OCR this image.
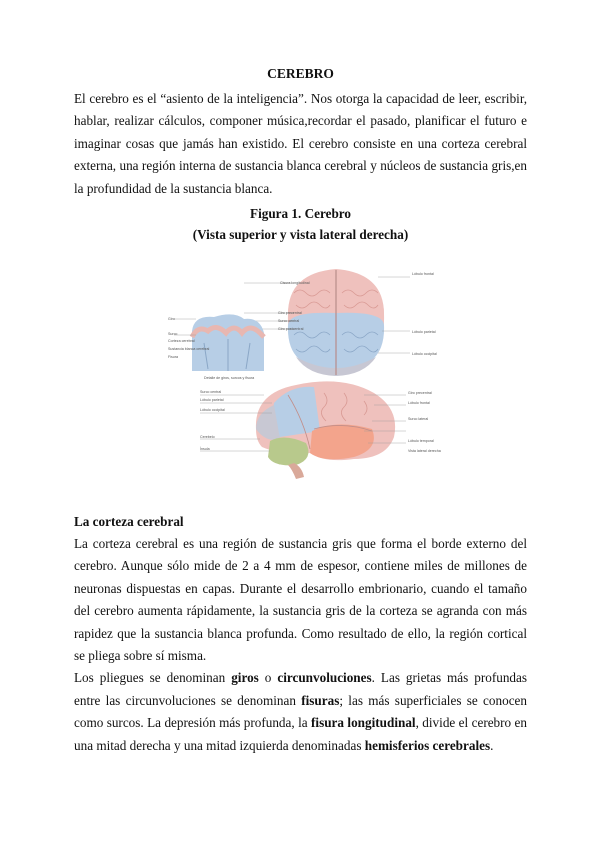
CEREBRO

El cerebro es el “asiento de la inteligencia”. Nos otorga la capacidad de leer, escribir, hablar, realizar cálculos, componer música,recordar el pasado, planificar el futuro e imaginar cosas que jamás han existido. El cerebro consiste en una corteza cerebral externa, una región interna de sustancia blanca cerebral y núcleos de sustancia gris,en la profundidad de la sustancia blanca.

Figura 1. Cerebro
(Vista superior y vista lateral derecha)
Cisura longitudinal
Giro precentral
Surco central
Giro postcentral
Lóbulo frontal
Lóbulo parietal
Lóbulo occipital
Giro
Surco
Corteza cerebral
Sustancia blanca cerebral
Fisura
Detalle de giros, surcos y fisura
Surco central
Lóbulo parietal
Lóbulo occipital
Cerebelo
Ínsula
Giro precentral
Lóbulo frontal
Surco lateral
Lóbulo temporal
Vista lateral derecha
La corteza cerebral

La corteza cerebral es una región de sustancia gris que forma el borde externo del cerebro. Aunque sólo mide de 2 a 4 mm de espesor, contiene miles de millones de neuronas dispuestas en capas. Durante el desarrollo embrionario, cuando el tamaño del cerebro aumenta rápidamente, la sustancia gris de la corteza se agranda con más rapidez que la sustancia blanca profunda. Como resultado de ello, la región cortical se pliega sobre sí misma.

Los pliegues se denominan giros o circunvoluciones. Las grietas más profundas entre las circunvoluciones se denominan fisuras; las más superficiales se conocen como surcos. La depresión más profunda, la fisura longitudinal, divide el cerebro en una mitad derecha y una mitad izquierda denominadas hemisferios cerebrales.
